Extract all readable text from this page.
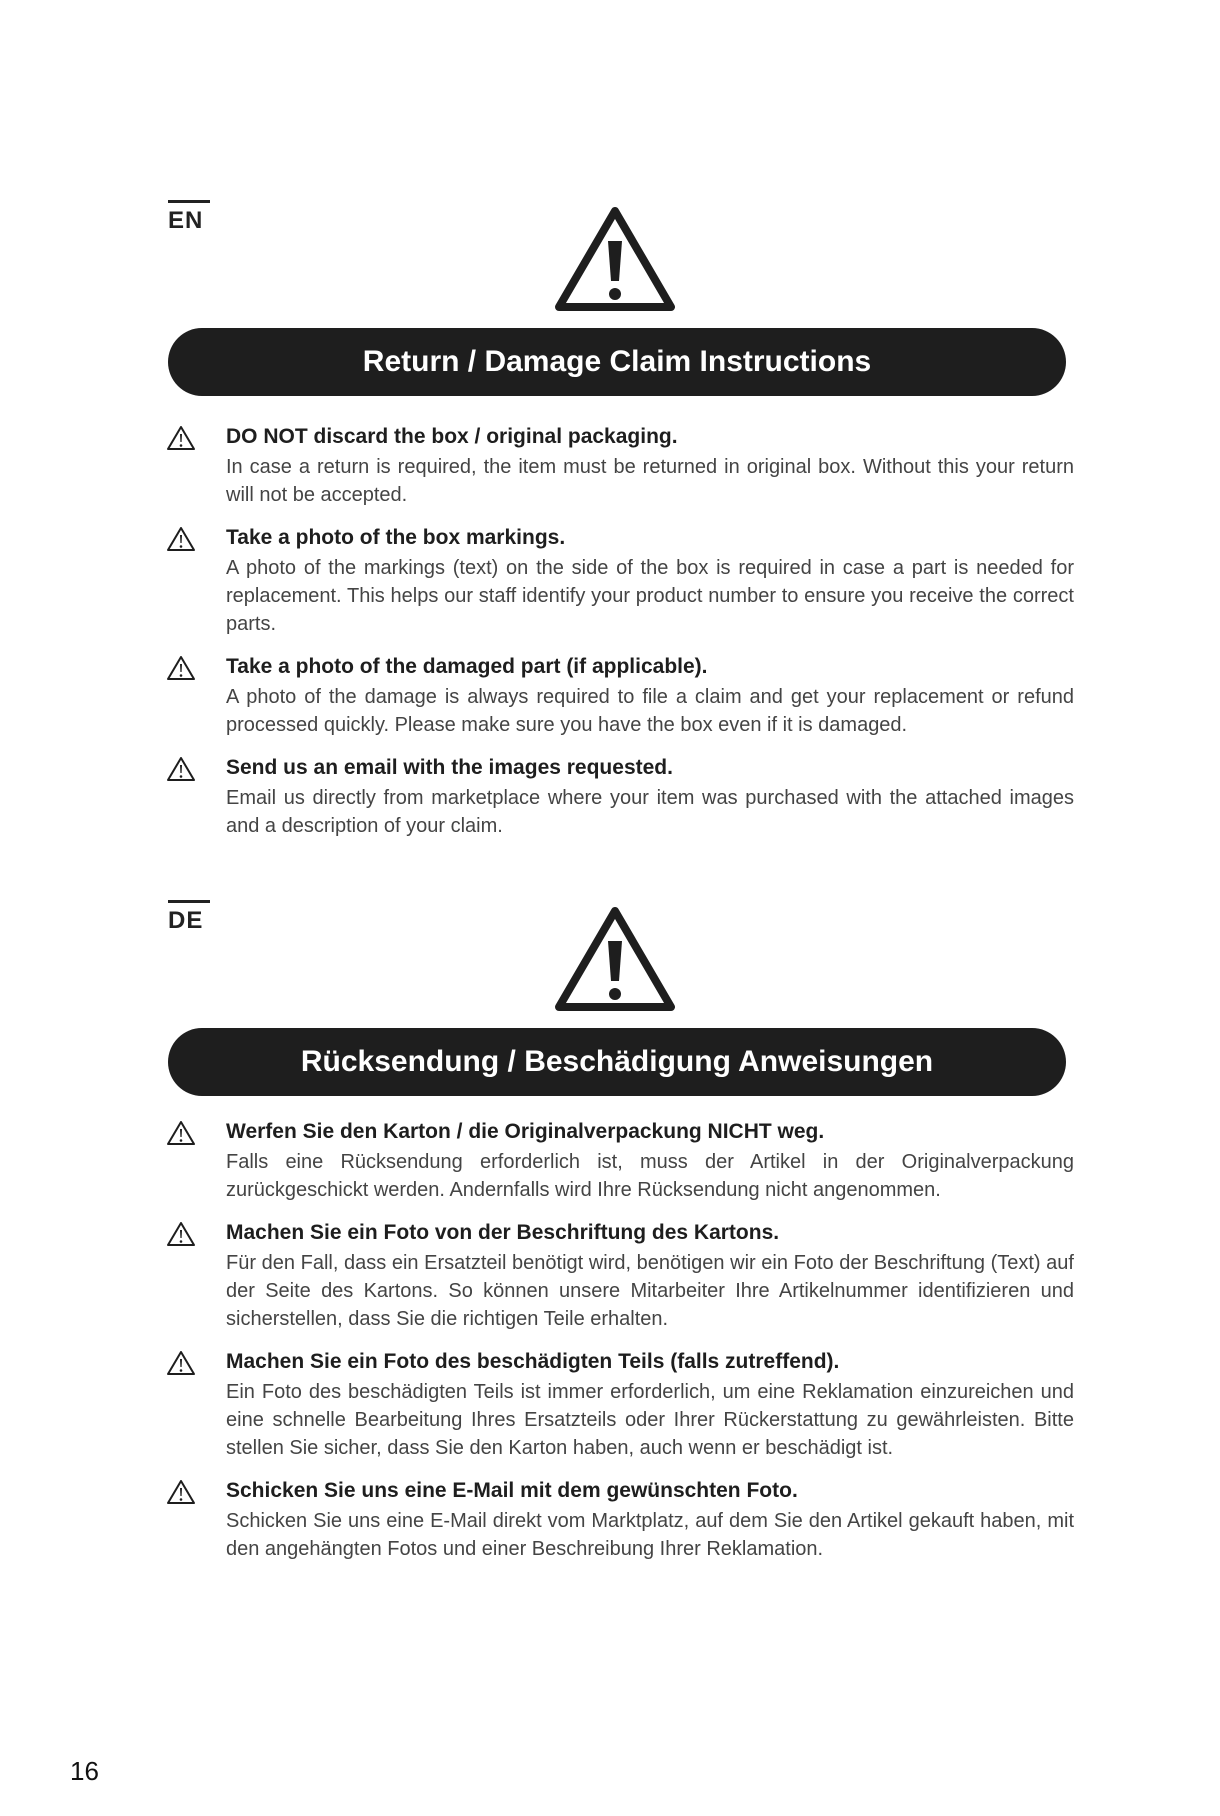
EN
Return / Damage Claim Instructions
DO NOT discard the box / original packaging.
In case a return is required, the item must be returned in original box. Without this your return will not be accepted.
Take a photo of the box markings.
A photo of the markings (text) on the side of the box is required in case a part is needed for replacement. This helps our staff identify your product number to ensure you receive the correct parts.
Take a photo of the damaged part (if applicable).
A photo of the damage is always required to file a claim and get your replacement or refund processed quickly. Please make sure you have the box even if it is damaged.
Send us an email with the images requested.
Email us directly from marketplace where your item was purchased with the attached images and a description of your claim.
DE
Rücksendung / Beschädigung Anweisungen
Werfen Sie den Karton / die Originalverpackung NICHT weg.
Falls eine Rücksendung erforderlich ist, muss der Artikel in der Originalverpackung zurückgeschickt werden. Andernfalls wird Ihre Rücksendung nicht angenommen.
Machen Sie ein Foto von der Beschriftung des Kartons.
Für den Fall, dass ein Ersatzteil benötigt wird, benötigen wir ein Foto der Beschriftung (Text) auf der Seite des Kartons. So können unsere Mitarbeiter Ihre Artikelnummer identifizieren und sicherstellen, dass Sie die richtigen Teile erhalten.
Machen Sie ein Foto des beschädigten Teils (falls zutreffend).
Ein Foto des beschädigten Teils ist immer erforderlich, um eine Reklamation einzureichen und eine schnelle Bearbeitung Ihres Ersatzteils oder Ihrer Rückerstattung zu gewährleisten. Bitte stellen Sie sicher, dass Sie den Karton haben, auch wenn er beschädigt ist.
Schicken Sie uns eine E-Mail mit dem gewünschten Foto.
Schicken Sie uns eine E-Mail direkt vom Marktplatz, auf dem Sie den Artikel gekauft haben, mit den angehängten Fotos und einer Beschreibung Ihrer Reklamation.
16
